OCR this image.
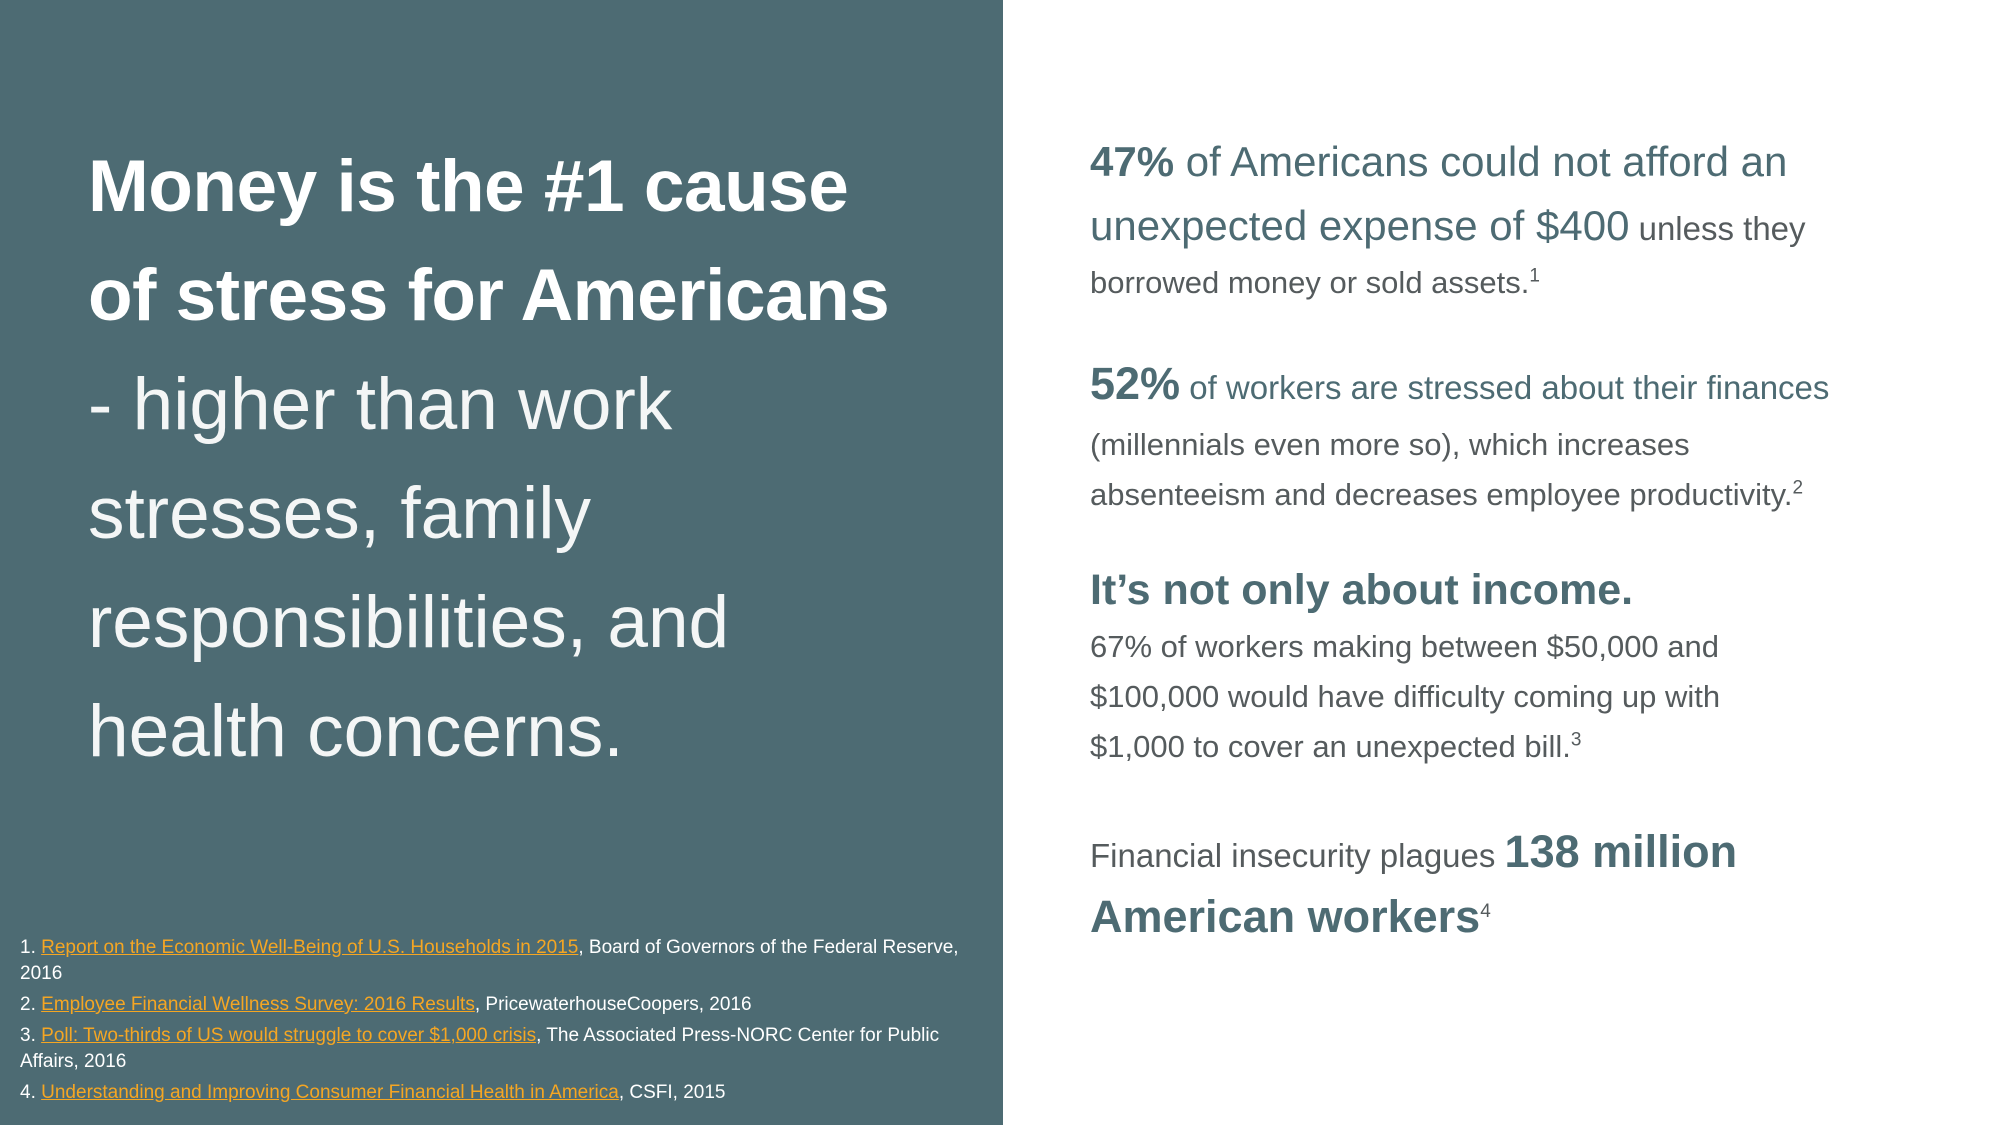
Money is the #1 cause
of stress for Americans
- higher than work
stresses, family
responsibilities, and
health concerns.
1. Report on the Economic Well-Being of U.S. Households in 2015, Board of Governors of the Federal Reserve, 2016
2. Employee Financial Wellness Survey: 2016 Results, PricewaterhouseCoopers, 2016
3. Poll: Two-thirds of US would struggle to cover $1,000 crisis, The Associated Press-NORC Center for Public Affairs, 2016
4. Understanding and Improving Consumer Financial Health in America, CSFI, 2015
47% of Americans could not afford an
unexpected expense of $400 unless they
borrowed money or sold assets.$^1$
52% of workers are stressed about their finances
(millennials even more so), which increases
absenteeism and decreases employee productivity.$^2$
It’s not only about income.
67% of workers making between $50,000 and
$100,000 would have difficulty coming up with
$1,000 to cover an unexpected bill.$^3$
Financial insecurity plagues 138 million
American workers$^4$
